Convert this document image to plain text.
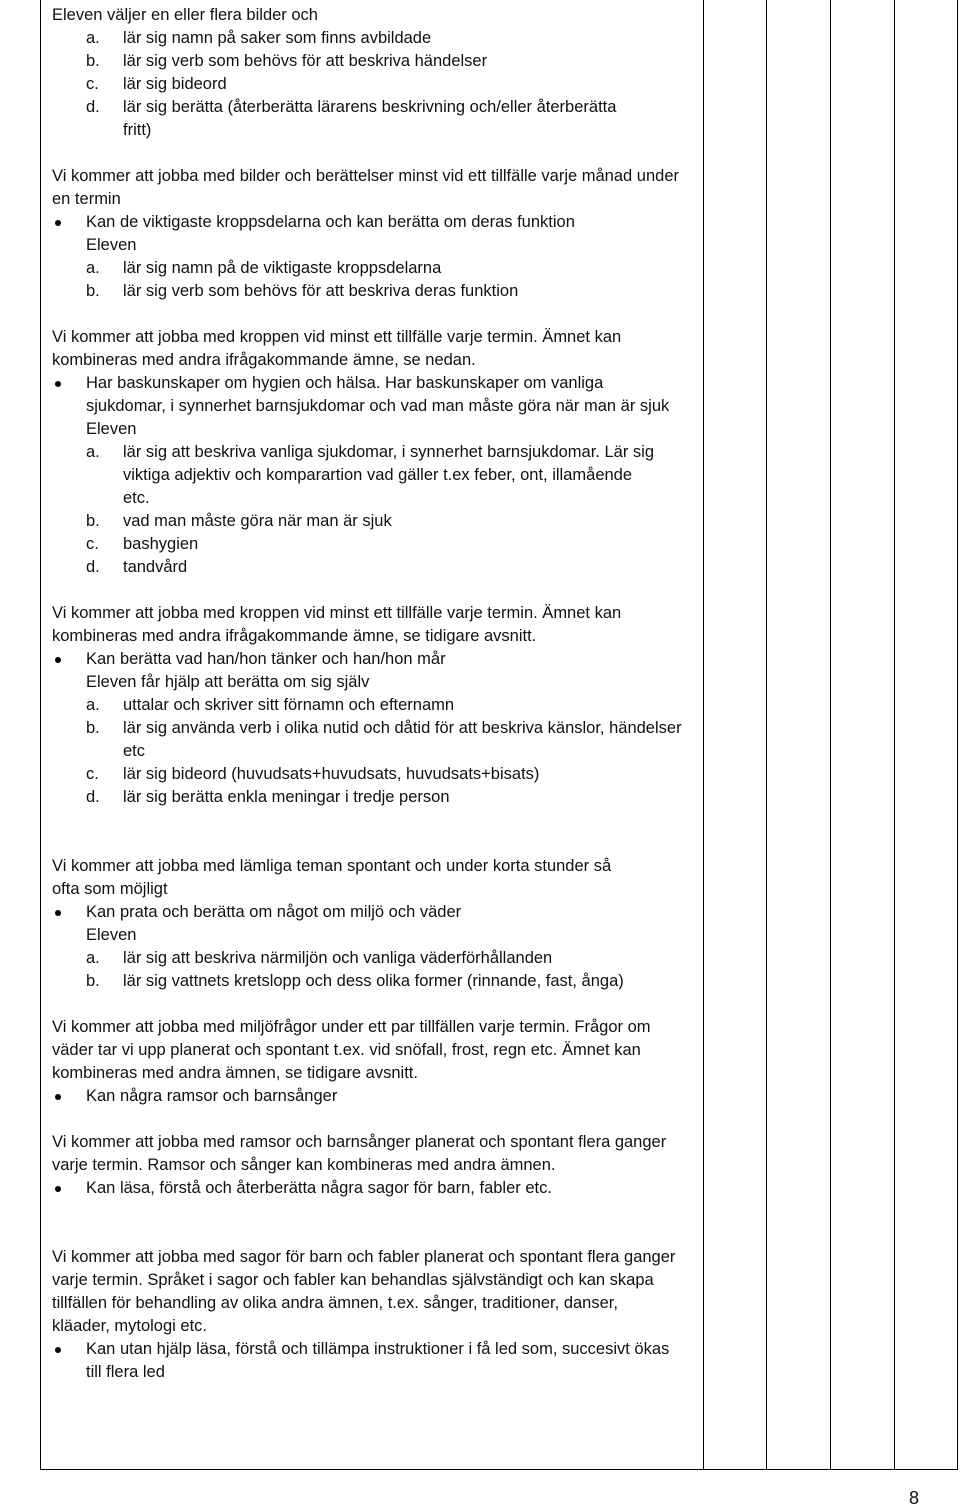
Eleven väljer en eller flera bilder och
a. lär sig namn på saker som finns avbildade
b. lär sig verb som behövs för att beskriva händelser
c. lär sig bideord
d. lär sig berätta (återberätta lärarens beskrivning och/eller återberätta fritt)
Vi kommer att jobba med bilder och berättelser minst vid ett tillfälle varje månad under en termin
Kan de viktigaste kroppsdelarna och kan berätta om deras funktion
Eleven
a. lär sig namn på de viktigaste kroppsdelarna
b. lär sig verb som behövs för att beskriva deras funktion
Vi kommer att jobba med kroppen vid minst ett tillfälle varje termin. Ämnet kan kombineras med andra ifrågakommande ämne, se nedan.
Har baskunskaper om hygien och hälsa. Har baskunskaper om vanliga sjukdomar, i synnerhet barnsjukdomar och vad man måste göra när man är sjuk
Eleven
a. lär sig att beskriva vanliga sjukdomar, i synnerhet barnsjukdomar. Lär sig viktiga adjektiv och komparartion vad gäller t.ex feber, ont, illamående etc.
b. vad man måste göra när man är sjuk
c. bashygien
d. tandvård
Vi kommer att jobba med kroppen vid minst ett tillfälle varje termin. Ämnet kan kombineras med andra ifrågakommande ämne, se tidigare avsnitt.
Kan berätta vad han/hon tänker och han/hon mår
Eleven får hjälp att berätta om sig själv
a. uttalar och skriver sitt förnamn och efternamn
b. lär sig använda verb i olika nutid och dåtid för att beskriva känslor, händelser etc
c. lär sig bideord (huvudsats+huvudsats, huvudsats+bisats)
d. lär sig berätta enkla meningar i tredje person
Vi kommer att jobba med lämliga teman spontant och under korta stunder så ofta som möjligt
Kan prata och berätta om något om miljö och väder
Eleven
a. lär sig att beskriva närmiljön och vanliga väderförhållanden
b. lär sig vattnets kretslopp och dess olika former (rinnande, fast, ånga)
Vi kommer att jobba med miljöfrågor under ett par tillfällen varje termin. Frågor om väder tar vi upp planerat och spontant t.ex. vid snöfall, frost, regn etc. Ämnet kan kombineras med andra ämnen, se tidigare avsnitt.
Kan några ramsor och barnsånger
Vi kommer att jobba med ramsor och barnsånger planerat och spontant flera ganger varje termin. Ramsor och sånger kan kombineras med andra ämnen.
Kan läsa, förstå och återberätta några sagor för barn, fabler etc.
Vi kommer att jobba med sagor för barn och fabler planerat och spontant flera ganger varje termin. Språket i sagor och fabler kan behandlas självständigt och kan skapa tillfällen för behandling av olika andra ämnen, t.ex. sånger, traditioner, danser, kläader, mytologi etc.
Kan utan hjälp läsa, förstå och tillämpa instruktioner i få led som, succesivt ökas till flera led
8
